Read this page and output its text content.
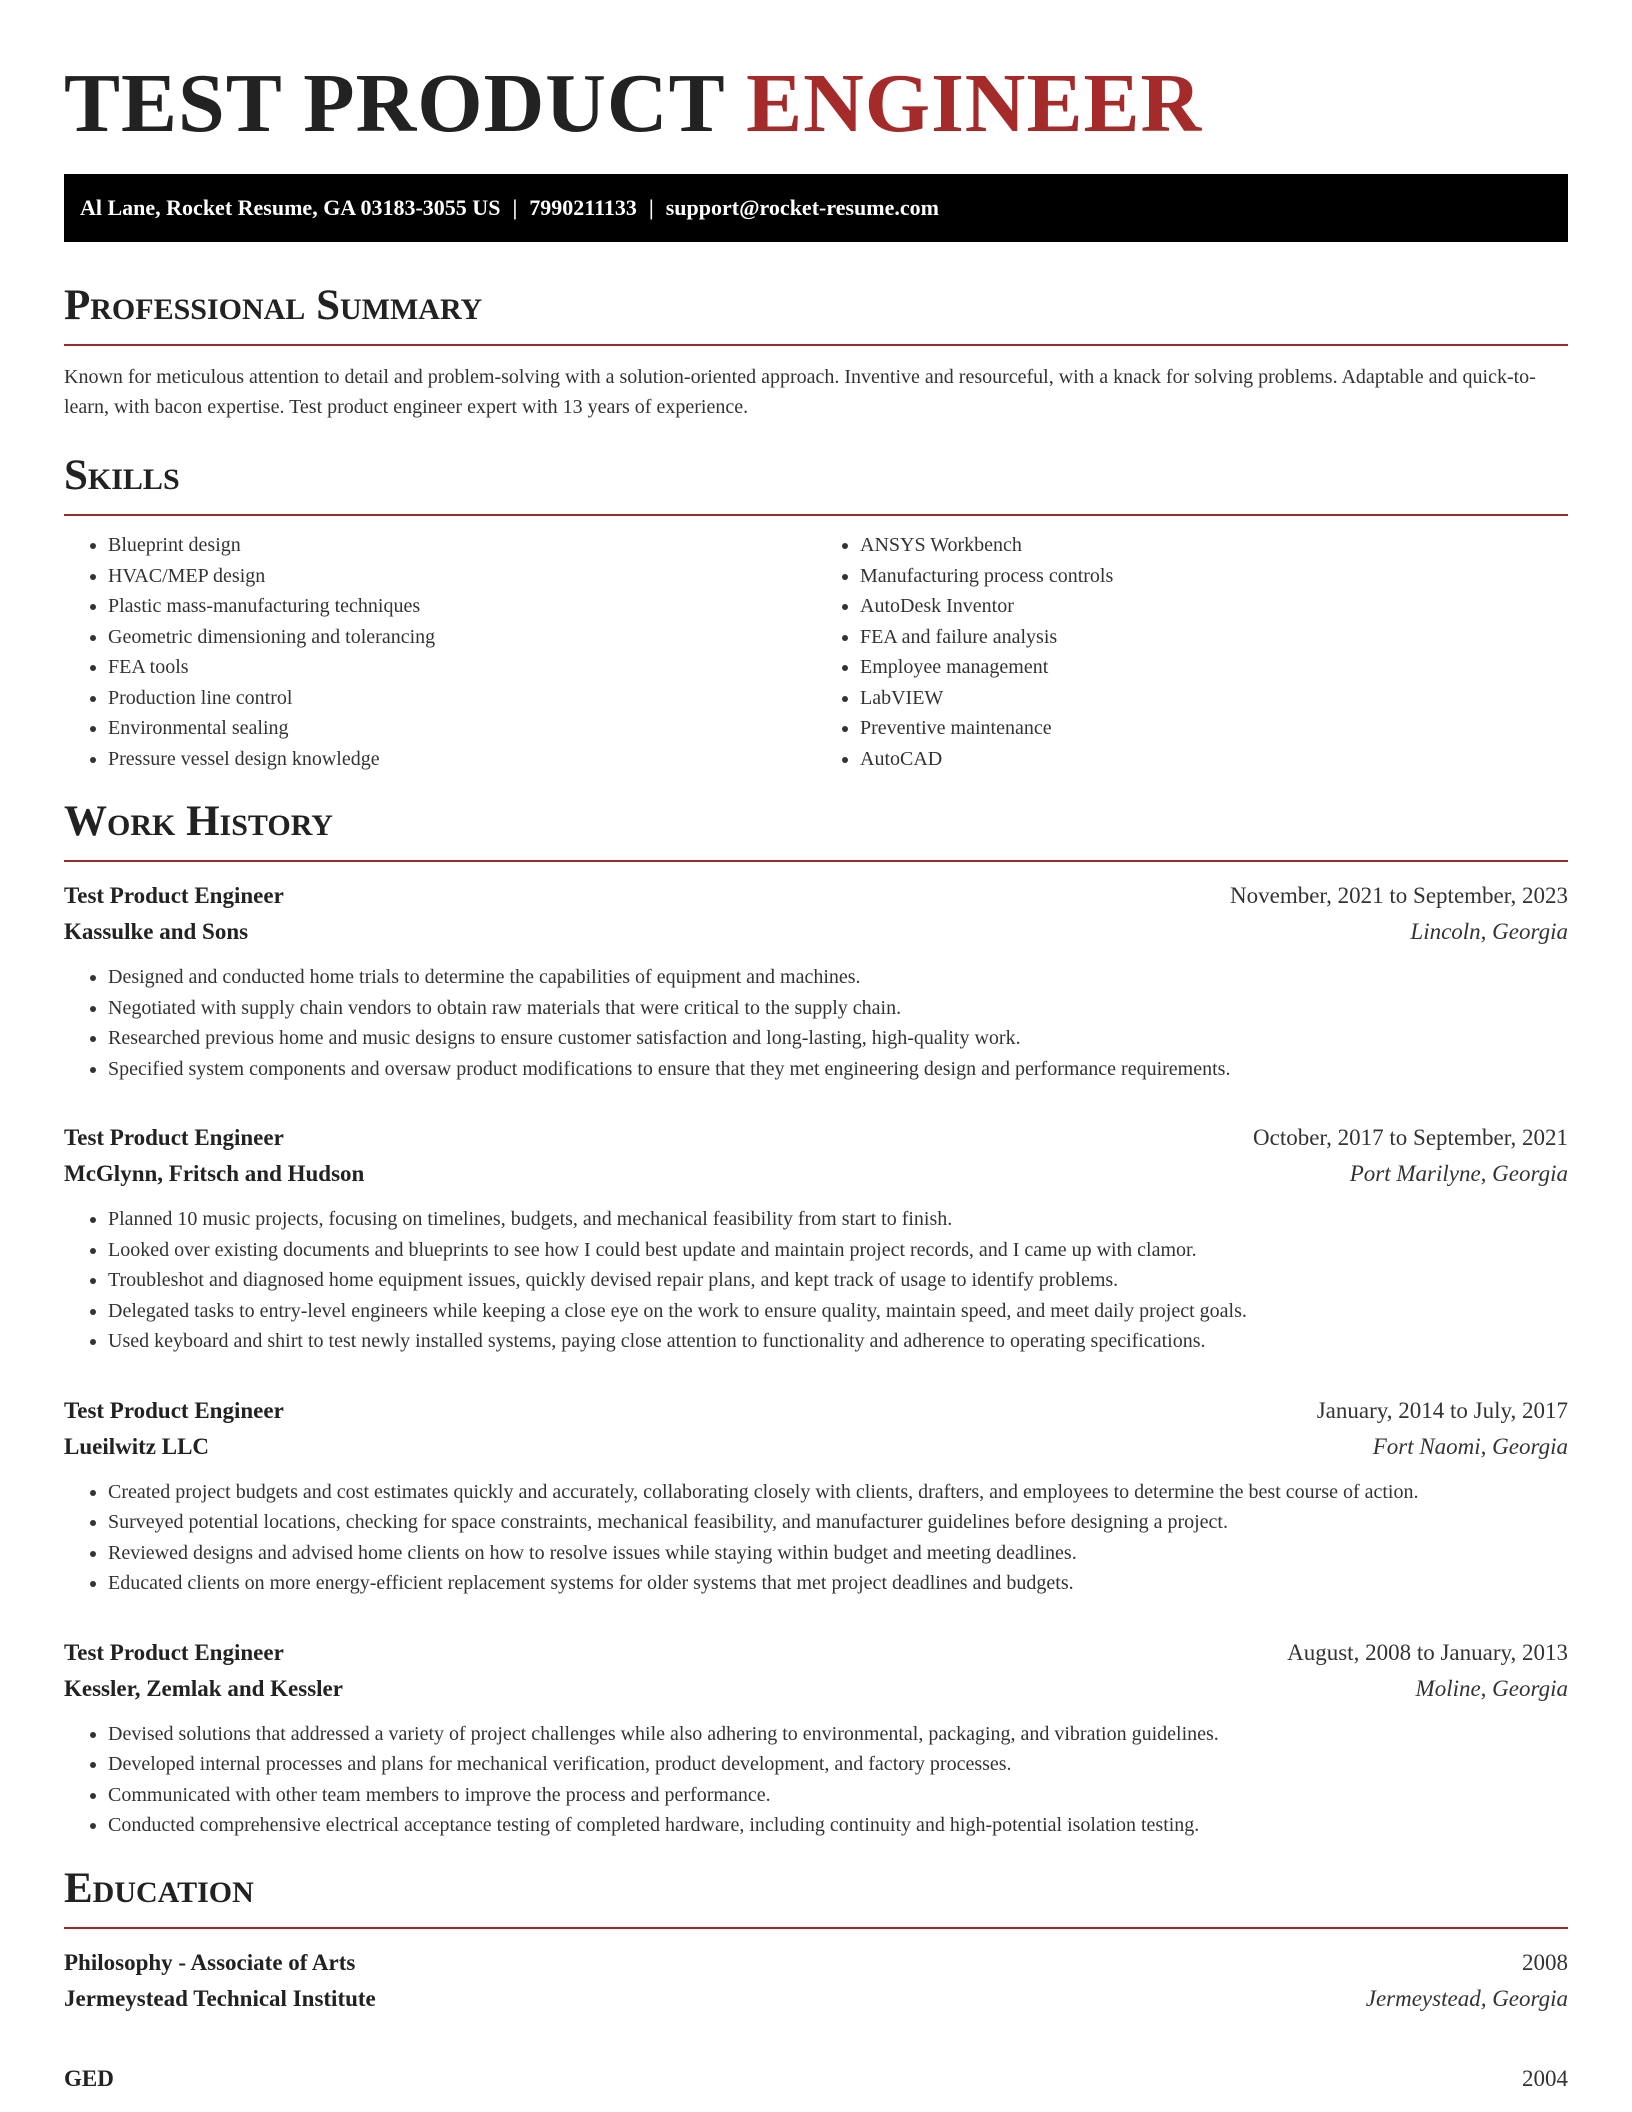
TEST PRODUCT ENGINEER
Al Lane, Rocket Resume, GA 03183-3055 US | 7990211133 | support@rocket-resume.com
Professional Summary

Known for meticulous attention to detail and problem-solving with a solution-oriented approach. Inventive and resourceful, with a knack for solving problems. Adaptable and quick-to-learn, with bacon expertise. Test product engineer expert with 13 years of experience.

Skills
• Blueprint design
• HVAC/MEP design
• Plastic mass-manufacturing techniques
• Geometric dimensioning and tolerancing
• FEA tools
• Production line control
• Environmental sealing
• Pressure vessel design knowledge
• ANSYS Workbench
• Manufacturing process controls
• AutoDesk Inventor
• FEA and failure analysis
• Employee management
• LabVIEW
• Preventive maintenance
• AutoCAD
Work History
Test Product Engineer	November, 2021 to September, 2023
Kassulke and Sons	Lincoln, Georgia
• Designed and conducted home trials to determine the capabilities of equipment and machines.
• Negotiated with supply chain vendors to obtain raw materials that were critical to the supply chain.
• Researched previous home and music designs to ensure customer satisfaction and long-lasting, high-quality work.
• Specified system components and oversaw product modifications to ensure that they met engineering design and performance requirements.
Test Product Engineer	October, 2017 to September, 2021
McGlynn, Fritsch and Hudson	Port Marilyne, Georgia
• Planned 10 music projects, focusing on timelines, budgets, and mechanical feasibility from start to finish.
• Looked over existing documents and blueprints to see how I could best update and maintain project records, and I came up with clamor.
• Troubleshot and diagnosed home equipment issues, quickly devised repair plans, and kept track of usage to identify problems.
• Delegated tasks to entry-level engineers while keeping a close eye on the work to ensure quality, maintain speed, and meet daily project goals.
• Used keyboard and shirt to test newly installed systems, paying close attention to functionality and adherence to operating specifications.
Test Product Engineer	January, 2014 to July, 2017
Lueilwitz LLC	Fort Naomi, Georgia
• Created project budgets and cost estimates quickly and accurately, collaborating closely with clients, drafters, and employees to determine the best course of action.
• Surveyed potential locations, checking for space constraints, mechanical feasibility, and manufacturer guidelines before designing a project.
• Reviewed designs and advised home clients on how to resolve issues while staying within budget and meeting deadlines.
• Educated clients on more energy-efficient replacement systems for older systems that met project deadlines and budgets.
Test Product Engineer	August, 2008 to January, 2013
Kessler, Zemlak and Kessler	Moline, Georgia
• Devised solutions that addressed a variety of project challenges while also adhering to environmental, packaging, and vibration guidelines.
• Developed internal processes and plans for mechanical verification, product development, and factory processes.
• Communicated with other team members to improve the process and performance.
• Conducted comprehensive electrical acceptance testing of completed hardware, including continuity and high-potential isolation testing.
Education
Philosophy - Associate of Arts	2008
Jermeystead Technical Institute	Jermeystead, Georgia
GED	2004
